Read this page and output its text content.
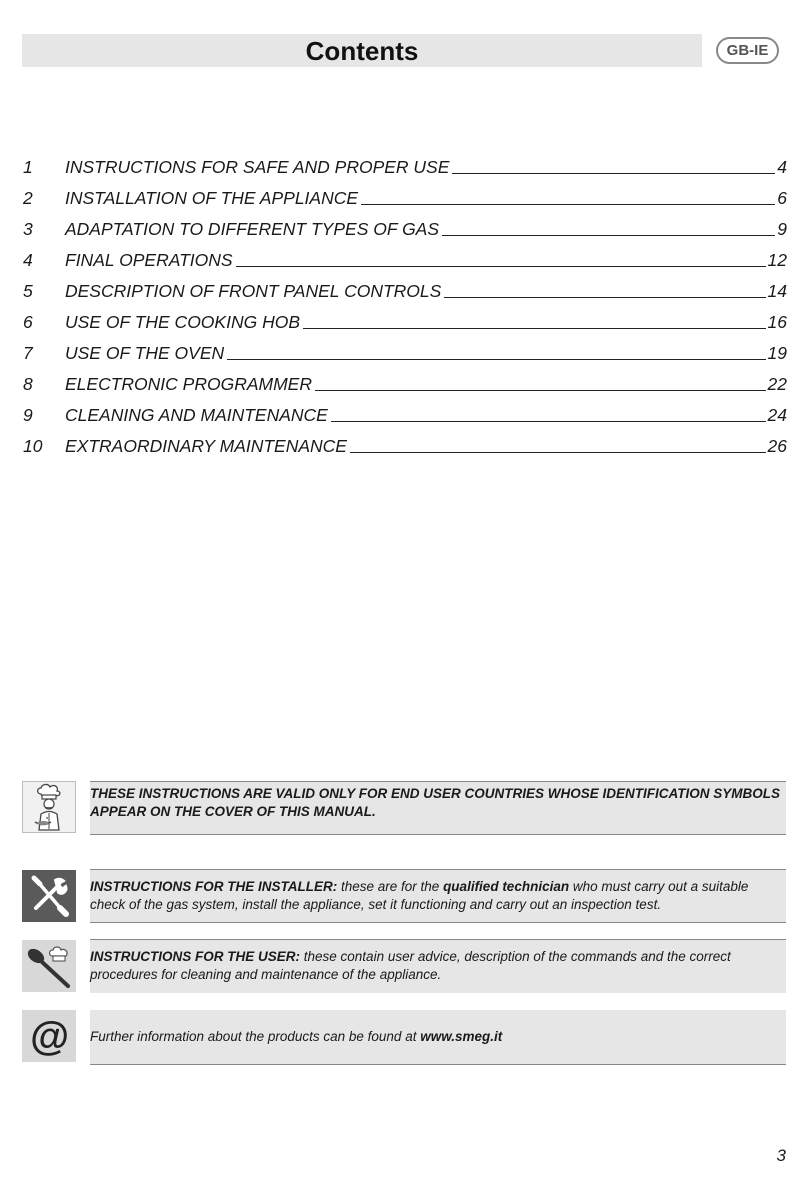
Contents	GB-IE
1	INSTRUCTIONS FOR SAFE AND PROPER USE	4
2	INSTALLATION OF THE APPLIANCE	6
3	ADAPTATION TO DIFFERENT TYPES OF GAS	9
4	FINAL OPERATIONS	12
5	DESCRIPTION OF FRONT PANEL CONTROLS	14
6	USE OF THE COOKING HOB	16
7	USE OF THE OVEN	19
8	ELECTRONIC PROGRAMMER	22
9	CLEANING AND MAINTENANCE	24
10	EXTRAORDINARY MAINTENANCE	26
THESE INSTRUCTIONS ARE VALID ONLY FOR END USER COUNTRIES WHOSE IDENTIFICATION SYMBOLS APPEAR ON THE COVER OF THIS MANUAL.
INSTRUCTIONS FOR THE INSTALLER: these are for the qualified technician who must carry out a suitable check of the gas system, install the appliance, set it functioning and carry out an inspection test.
INSTRUCTIONS FOR THE USER: these contain user advice, description of the commands and the correct procedures for cleaning and maintenance of the appliance.
@ Further information about the products can be found at www.smeg.it
3
